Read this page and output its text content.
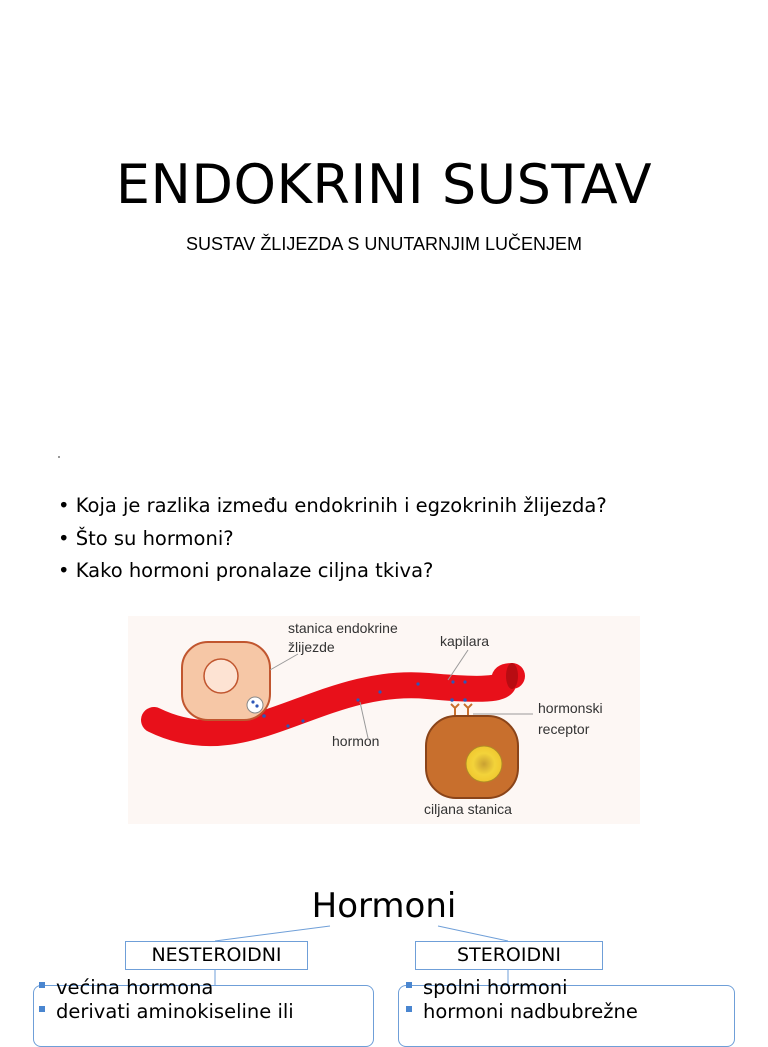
ENDOKRINI SUSTAV
SUSTAV ŽLIJEZDA S UNUTARNJIM LUČENJEM
• Koja je razlika između endokrinih i egzokrinih žlijezda?
• Što su hormoni?
• Kako hormoni pronalaze ciljna tkiva?
stanica endokrine
žlijezde	kapilara
hormonski
receptor
hormon
ciljana stanica
Hormoni
NESTEROIDNI	STEROIDNI
većina hormona
derivati aminokiseline ili
spolni hormoni
hormoni nadbubrežne
